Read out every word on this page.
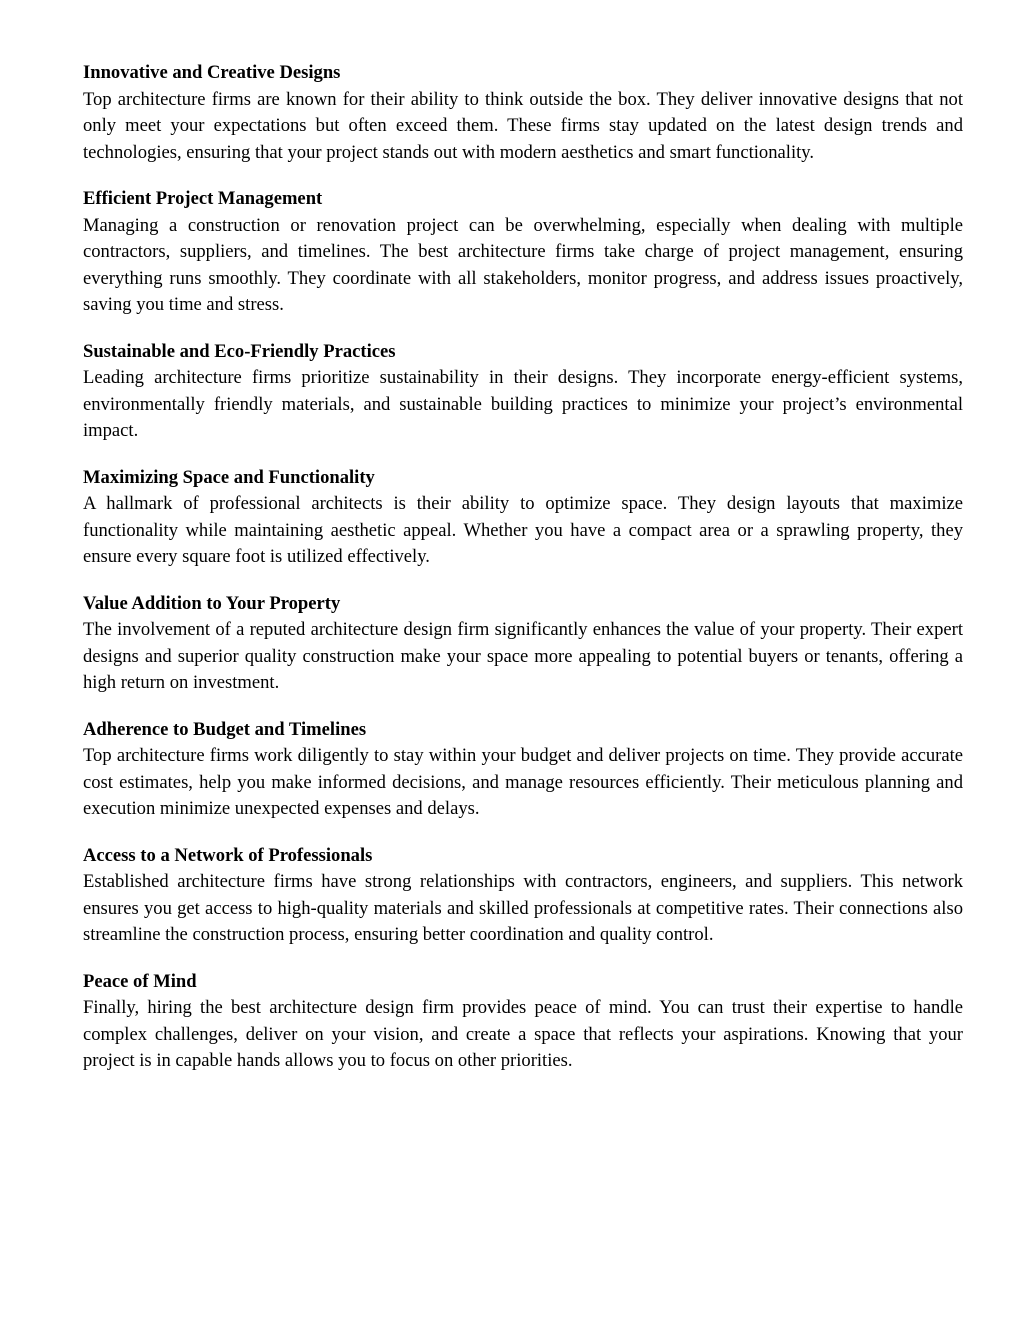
Innovative and Creative Designs

Top architecture firms are known for their ability to think outside the box. They deliver innovative designs that not only meet your expectations but often exceed them. These firms stay updated on the latest design trends and technologies, ensuring that your project stands out with modern aesthetics and smart functionality.

Efficient Project Management

Managing a construction or renovation project can be overwhelming, especially when dealing with multiple contractors, suppliers, and timelines. The best architecture firms take charge of project management, ensuring everything runs smoothly. They coordinate with all stakeholders, monitor progress, and address issues proactively, saving you time and stress.

Sustainable and Eco-Friendly Practices

Leading architecture firms prioritize sustainability in their designs. They incorporate energy-efficient systems, environmentally friendly materials, and sustainable building practices to minimize your project’s environmental impact.

Maximizing Space and Functionality

A hallmark of professional architects is their ability to optimize space. They design layouts that maximize functionality while maintaining aesthetic appeal. Whether you have a compact area or a sprawling property, they ensure every square foot is utilized effectively.

Value Addition to Your Property

The involvement of a reputed architecture design firm significantly enhances the value of your property. Their expert designs and superior quality construction make your space more appealing to potential buyers or tenants, offering a high return on investment.

Adherence to Budget and Timelines

Top architecture firms work diligently to stay within your budget and deliver projects on time. They provide accurate cost estimates, help you make informed decisions, and manage resources efficiently. Their meticulous planning and execution minimize unexpected expenses and delays.

Access to a Network of Professionals

Established architecture firms have strong relationships with contractors, engineers, and suppliers. This network ensures you get access to high-quality materials and skilled professionals at competitive rates. Their connections also streamline the construction process, ensuring better coordination and quality control.

Peace of Mind

Finally, hiring the best architecture design firm provides peace of mind. You can trust their expertise to handle complex challenges, deliver on your vision, and create a space that reflects your aspirations. Knowing that your project is in capable hands allows you to focus on other priorities.
